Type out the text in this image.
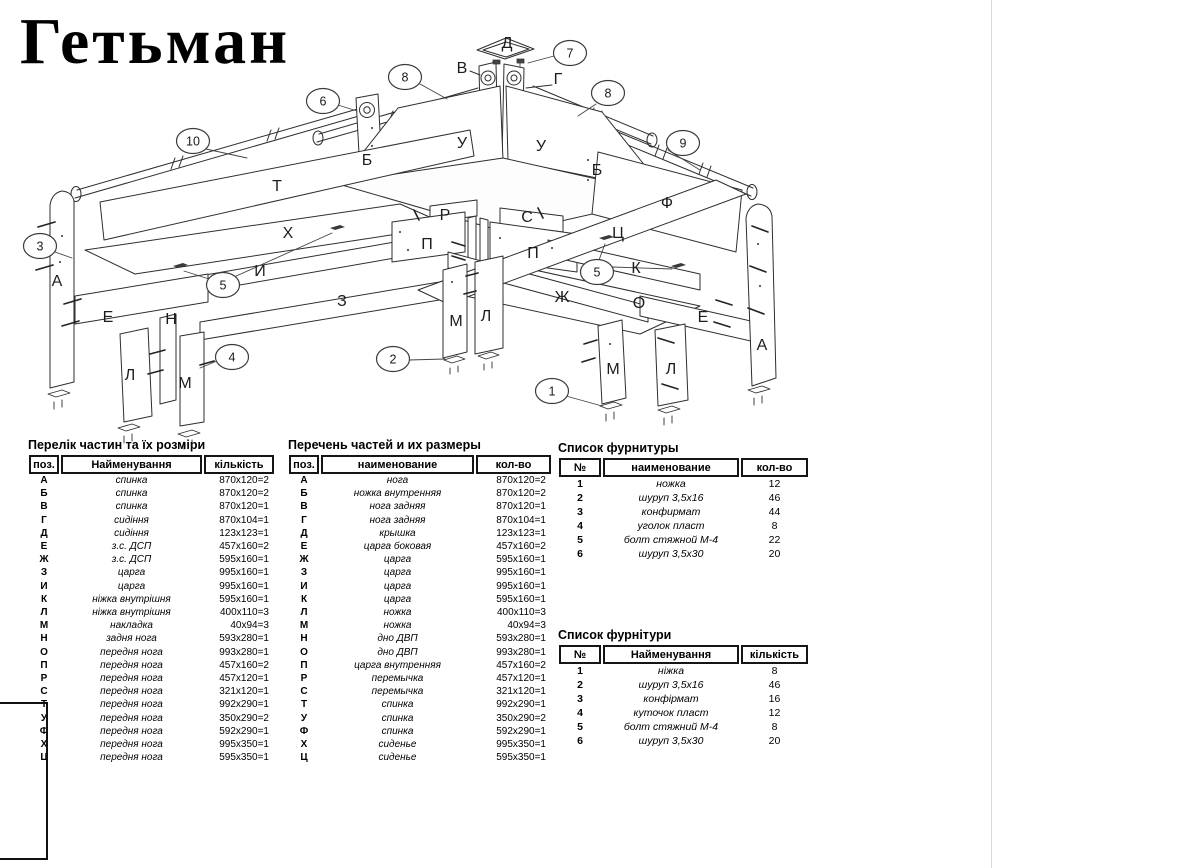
Гетьман
1
2
3
4
5
5
6
7
8
8
9
10
Д
В
Г
Б
Б
У	У
Т
Ф
Х	Ц
Р	С
П
П
И	К
З	Ж	О
А
А
Е	Е
Н
Л
Л
Л
М
М
М
Перелік частин та їх розміри
поз.	Найменування	кількість
А	спинка	870x120=2
Б	спинка	870x120=2
В	спинка	870x120=1
Г	сидіння	870x104=1
Д	сидіння	123x123=1
Е	з.с. ДСП	457x160=2
Ж	з.с. ДСП	595x160=1
З	царга	995x160=1
И	царга	995x160=1
К	ніжка внутрішня	595x160=1
Л	ніжка внутрішня	400x110=3
М	накладка	40x94=3
Н	задня нога	593x280=1
О	передня нога	993x280=1
П	передня нога	457x160=2
Р	передня нога	457x120=1
С	передня нога	321x120=1
Т	передня нога	992x290=1
У	передня нога	350x290=2
Ф	передня нога	592x290=1
Х	передня нога	995x350=1
Ц	передня нога	595x350=1
Перечень частей и их размеры
поз.	наименование	кол-во
А	нога	870x120=2
Б	ножка внутренняя	870x120=2
В	нога задняя	870x120=1
Г	нога задняя	870x104=1
Д	крышка	123x123=1
Е	царга боковая	457x160=2
Ж	царга	595x160=1
З	царга	995x160=1
И	царга	995x160=1
К	царга	595x160=1
Л	ножка	400x110=3
М	ножка	40x94=3
Н	дно ДВП	593x280=1
О	дно ДВП	993x280=1
П	царга внутренняя	457x160=2
Р	перемычка	457x120=1
С	перемычка	321x120=1
Т	спинка	992x290=1
У	спинка	350x290=2
Ф	спинка	592x290=1
Х	сиденье	995x350=1
Ц	сиденье	595x350=1
Список фурнитуры
№	наименование	кол-во
1	ножка	12
2	шуруп 3,5х16	46
3	конфирмат	44
4	уголок пласт	8
5	болт стяжной М-4	22
6	шуруп 3,5х30	20
Список фурнітури
№	Найменування	кількість
1	ніжка	8
2	шуруп 3,5х16	46
3	конфірмат	16
4	куточок пласт	12
5	болт стяжний М-4	8
6	шуруп 3,5х30	20
